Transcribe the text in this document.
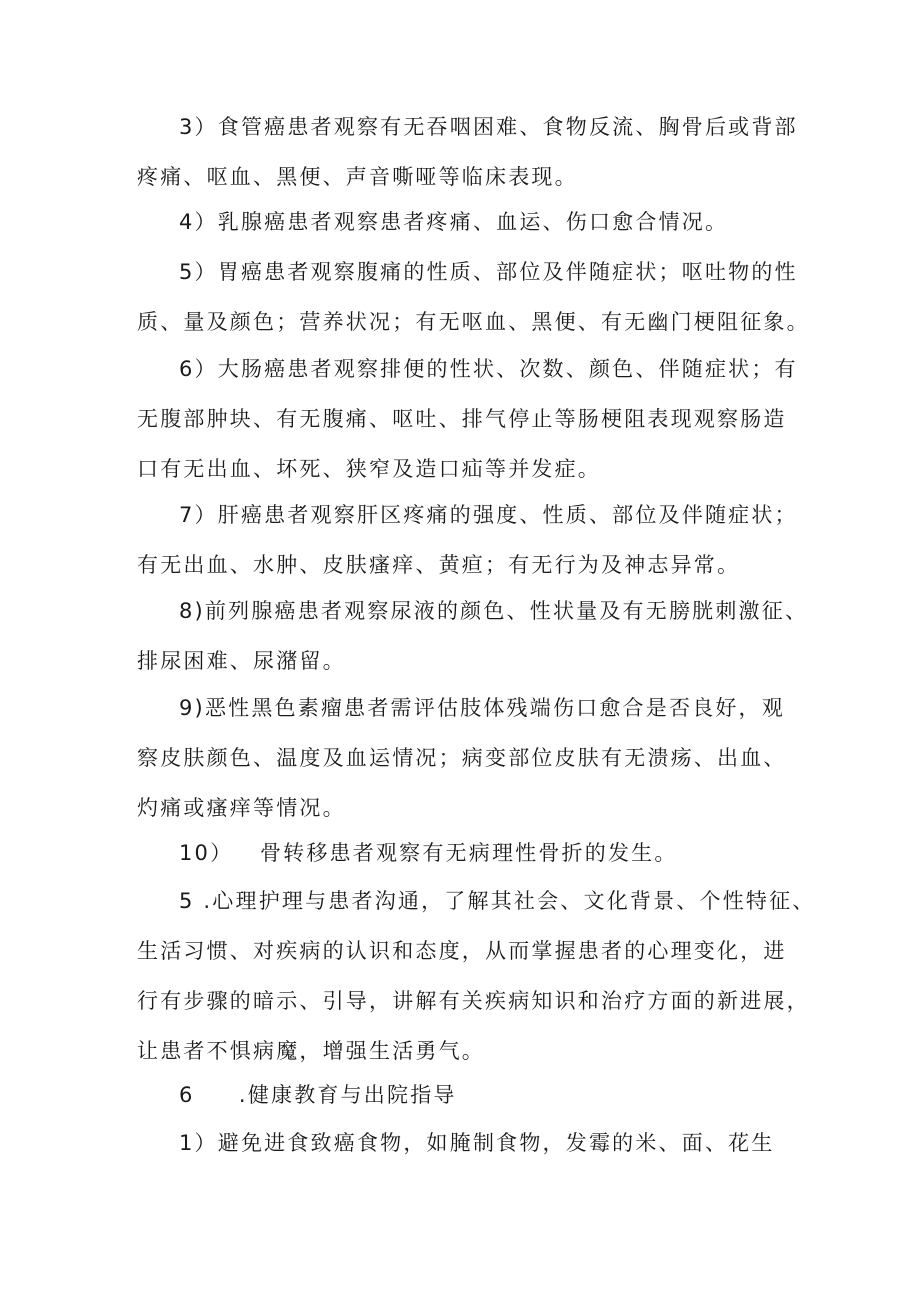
3）食管癌患者观察有无吞咽困难、食物反流、胸骨后或背部
疼痛、呕血、黑便、声音嘶哑等临床表现。
4）乳腺癌患者观察患者疼痛、血运、伤口愈合情况。
5）胃癌患者观察腹痛的性质、部位及伴随症状；呕吐物的性
质、量及颜色；营养状况；有无呕血、黑便、有无幽门梗阻征象。
6）大肠癌患者观察排便的性状、次数、颜色、伴随症状；有
无腹部肿块、有无腹痛、呕吐、排气停止等肠梗阻表现观察肠造
口有无出血、坏死、狭窄及造口疝等并发症。
7）肝癌患者观察肝区疼痛的强度、性质、部位及伴随症状；
有无出血、水肿、皮肤瘙痒、黄疸；有无行为及神志异常。
8)前列腺癌患者观察尿液的颜色、性状量及有无膀胱刺激征、
排尿困难、尿潴留。
9)恶性黑色素瘤患者需评估肢体残端伤口愈合是否良好，观
察皮肤颜色、温度及血运情况；病变部位皮肤有无溃疡、出血、
灼痛或瘙痒等情况。
10）   骨转移患者观察有无病理性骨折的发生。
5 .心理护理与患者沟通，了解其社会、文化背景、个性特征、
生活习惯、对疾病的认识和态度，从而掌握患者的心理变化，进
行有步骤的暗示、引导，讲解有关疾病知识和治疗方面的新进展，
让患者不惧病魔，增强生活勇气。
6     .健康教育与出院指导
1）避免进食致癌食物，如腌制食物，发霉的米、面、花生
